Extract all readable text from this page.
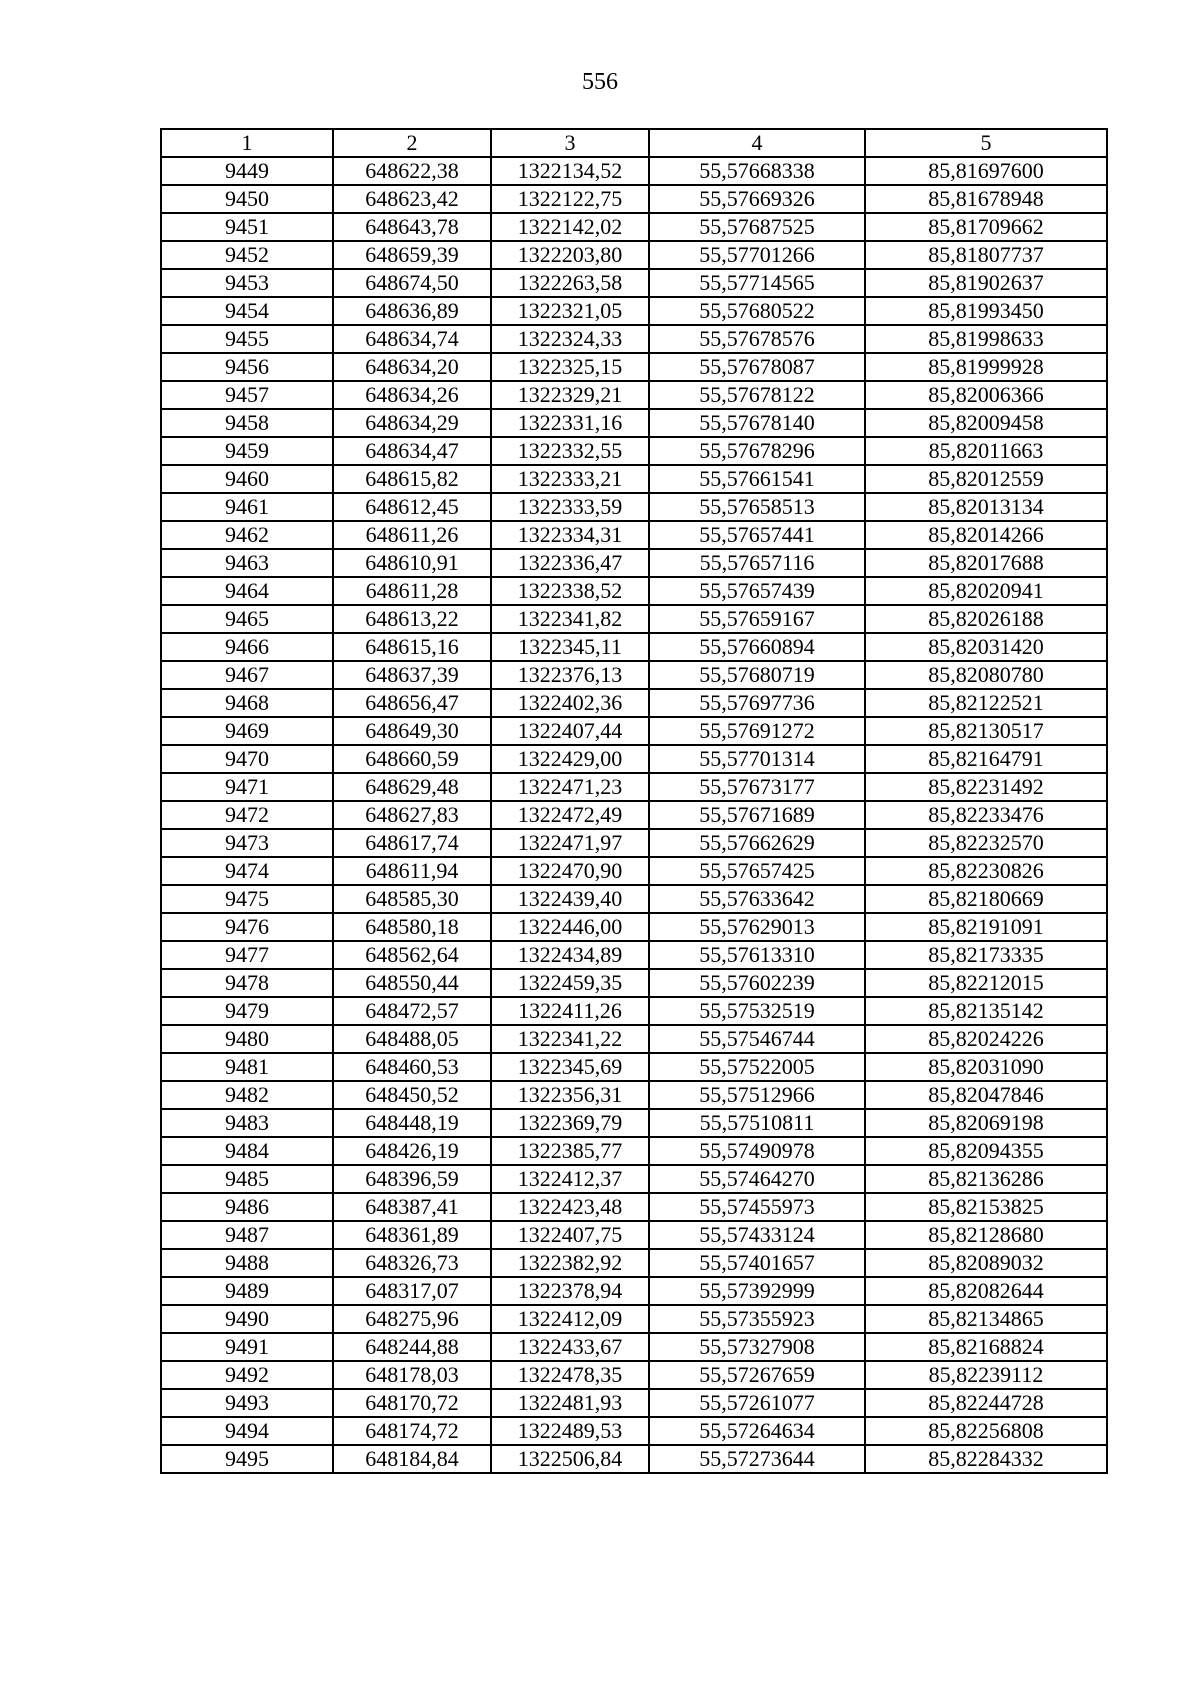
556
1	2	3	4	5
9449	648622,38	1322134,52	55,57668338	85,81697600
9450	648623,42	1322122,75	55,57669326	85,81678948
9451	648643,78	1322142,02	55,57687525	85,81709662
9452	648659,39	1322203,80	55,57701266	85,81807737
9453	648674,50	1322263,58	55,57714565	85,81902637
9454	648636,89	1322321,05	55,57680522	85,81993450
9455	648634,74	1322324,33	55,57678576	85,81998633
9456	648634,20	1322325,15	55,57678087	85,81999928
9457	648634,26	1322329,21	55,57678122	85,82006366
9458	648634,29	1322331,16	55,57678140	85,82009458
9459	648634,47	1322332,55	55,57678296	85,82011663
9460	648615,82	1322333,21	55,57661541	85,82012559
9461	648612,45	1322333,59	55,57658513	85,82013134
9462	648611,26	1322334,31	55,57657441	85,82014266
9463	648610,91	1322336,47	55,57657116	85,82017688
9464	648611,28	1322338,52	55,57657439	85,82020941
9465	648613,22	1322341,82	55,57659167	85,82026188
9466	648615,16	1322345,11	55,57660894	85,82031420
9467	648637,39	1322376,13	55,57680719	85,82080780
9468	648656,47	1322402,36	55,57697736	85,82122521
9469	648649,30	1322407,44	55,57691272	85,82130517
9470	648660,59	1322429,00	55,57701314	85,82164791
9471	648629,48	1322471,23	55,57673177	85,82231492
9472	648627,83	1322472,49	55,57671689	85,82233476
9473	648617,74	1322471,97	55,57662629	85,82232570
9474	648611,94	1322470,90	55,57657425	85,82230826
9475	648585,30	1322439,40	55,57633642	85,82180669
9476	648580,18	1322446,00	55,57629013	85,82191091
9477	648562,64	1322434,89	55,57613310	85,82173335
9478	648550,44	1322459,35	55,57602239	85,82212015
9479	648472,57	1322411,26	55,57532519	85,82135142
9480	648488,05	1322341,22	55,57546744	85,82024226
9481	648460,53	1322345,69	55,57522005	85,82031090
9482	648450,52	1322356,31	55,57512966	85,82047846
9483	648448,19	1322369,79	55,57510811	85,82069198
9484	648426,19	1322385,77	55,57490978	85,82094355
9485	648396,59	1322412,37	55,57464270	85,82136286
9486	648387,41	1322423,48	55,57455973	85,82153825
9487	648361,89	1322407,75	55,57433124	85,82128680
9488	648326,73	1322382,92	55,57401657	85,82089032
9489	648317,07	1322378,94	55,57392999	85,82082644
9490	648275,96	1322412,09	55,57355923	85,82134865
9491	648244,88	1322433,67	55,57327908	85,82168824
9492	648178,03	1322478,35	55,57267659	85,82239112
9493	648170,72	1322481,93	55,57261077	85,82244728
9494	648174,72	1322489,53	55,57264634	85,82256808
9495	648184,84	1322506,84	55,57273644	85,82284332
